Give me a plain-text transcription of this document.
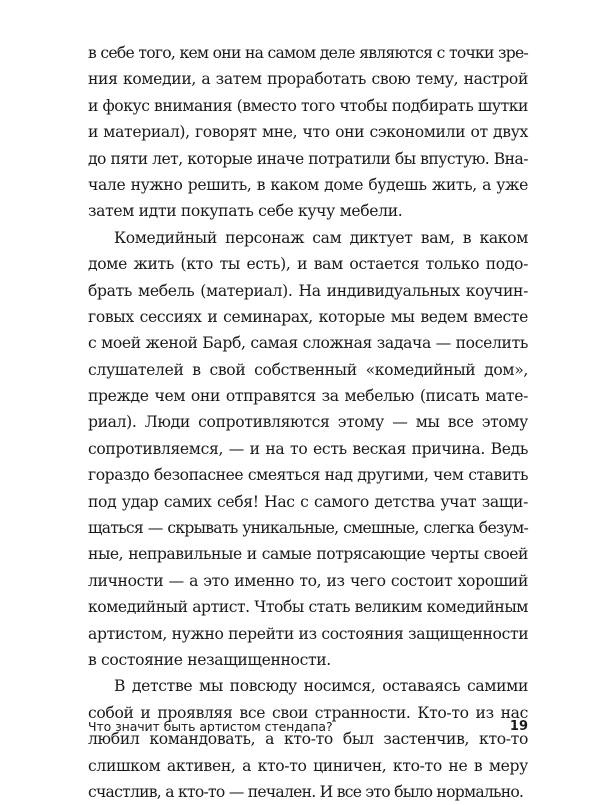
в себе того, кем они на самом деле являются с точки зре-
ния комедии, а затем проработать свою тему, настрой
и фокус внимания (вместо того чтобы подбирать шутки
и материал), говорят мне, что они сэкономили от двух
до пяти лет, которые иначе потратили бы впустую. Вна-
чале нужно решить, в каком доме будешь жить, а уже
затем идти покупать себе кучу мебели.
Комедийный персонаж сам диктует вам, в каком
доме жить (кто ты есть), и вам остается только подо-
брать мебель (материал). На индивидуальных коучин-
говых сессиях и семинарах, которые мы ведем вместе
с моей женой Барб, самая сложная задача — поселить
слушателей в свой собственный «комедийный дом»,
прежде чем они отправятся за мебелью (писать мате-
риал). Люди сопротивляются этому — мы все этому
сопротивляемся, — и на то есть веская причина. Ведь
гораздо безопаснее смеяться над другими, чем ставить
под удар самих себя! Нас с самого детства учат защи-
щаться — скрывать уникальные, смешные, слегка безум-
ные, неправильные и самые потрясающие черты своей
личности — а это именно то, из чего состоит хороший
комедийный артист. Чтобы стать великим комедийным
артистом, нужно перейти из состояния защищенности
в состояние незащищенности.
В детстве мы повсюду носимся, оставаясь самими
собой и проявляя все свои странности. Кто-то из нас
любил командовать, а кто-то был застенчив, кто-то
слишком активен, а кто-то циничен, кто-то не в меру
счастлив, а кто-то — печален. И все это было нормально.
Что значит быть артистом стендапа?	19
